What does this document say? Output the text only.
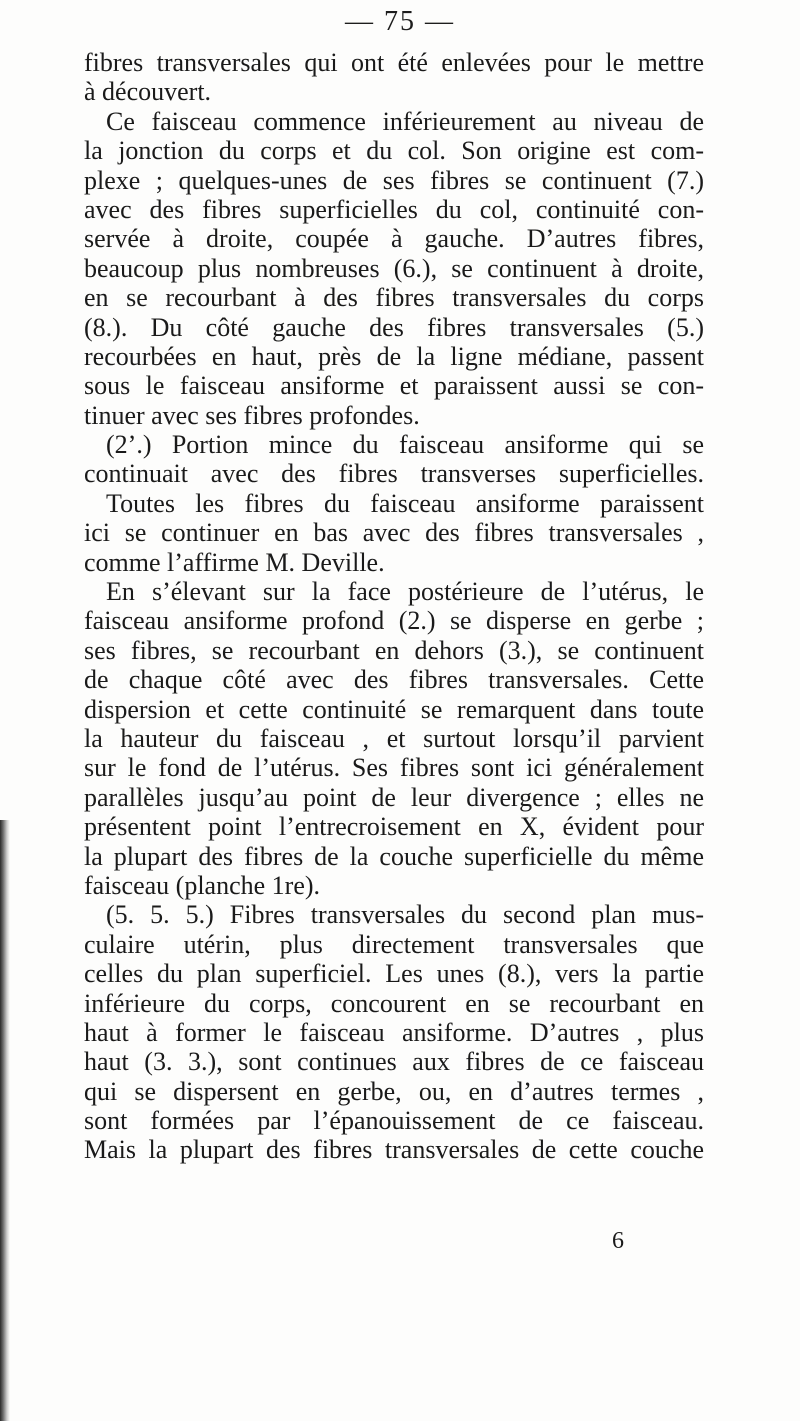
— 75 —
fibres transversales qui ont été enlevées pour le mettre
à découvert.
Ce faisceau commence inférieurement au niveau de
la jonction du corps et du col. Son origine est com-
plexe ; quelques-unes de ses fibres se continuent (7.)
avec des fibres superficielles du col, continuité con-
servée à droite, coupée à gauche. D’autres fibres,
beaucoup plus nombreuses (6.), se continuent à droite,
en se recourbant à des fibres transversales du corps
(8.). Du côté gauche des fibres transversales (5.)
recourbées en haut, près de la ligne médiane, passent
sous le faisceau ansiforme et paraissent aussi se con-
tinuer avec ses fibres profondes.
(2’.) Portion mince du faisceau ansiforme qui se
continuait avec des fibres transverses superficielles.
Toutes les fibres du faisceau ansiforme paraissent
ici se continuer en bas avec des fibres transversales ,
comme l’affirme M. Deville.
En s’élevant sur la face postérieure de l’utérus, le
faisceau ansiforme profond (2.) se disperse en gerbe ;
ses fibres, se recourbant en dehors (3.), se continuent
de chaque côté avec des fibres transversales. Cette
dispersion et cette continuité se remarquent dans toute
la hauteur du faisceau , et surtout lorsqu’il parvient
sur le fond de l’utérus. Ses fibres sont ici généralement
parallèles jusqu’au point de leur divergence ; elles ne
présentent point l’entrecroisement en X, évident pour
la plupart des fibres de la couche superficielle du même
faisceau (planche 1re).
(5. 5. 5.) Fibres transversales du second plan mus-
culaire utérin, plus directement transversales que
celles du plan superficiel. Les unes (8.), vers la partie
inférieure du corps, concourent en se recourbant en
haut à former le faisceau ansiforme. D’autres , plus
haut (3. 3.), sont continues aux fibres de ce faisceau
qui se dispersent en gerbe, ou, en d’autres termes ,
sont formées par l’épanouissement de ce faisceau.
Mais la plupart des fibres transversales de cette couche
6
